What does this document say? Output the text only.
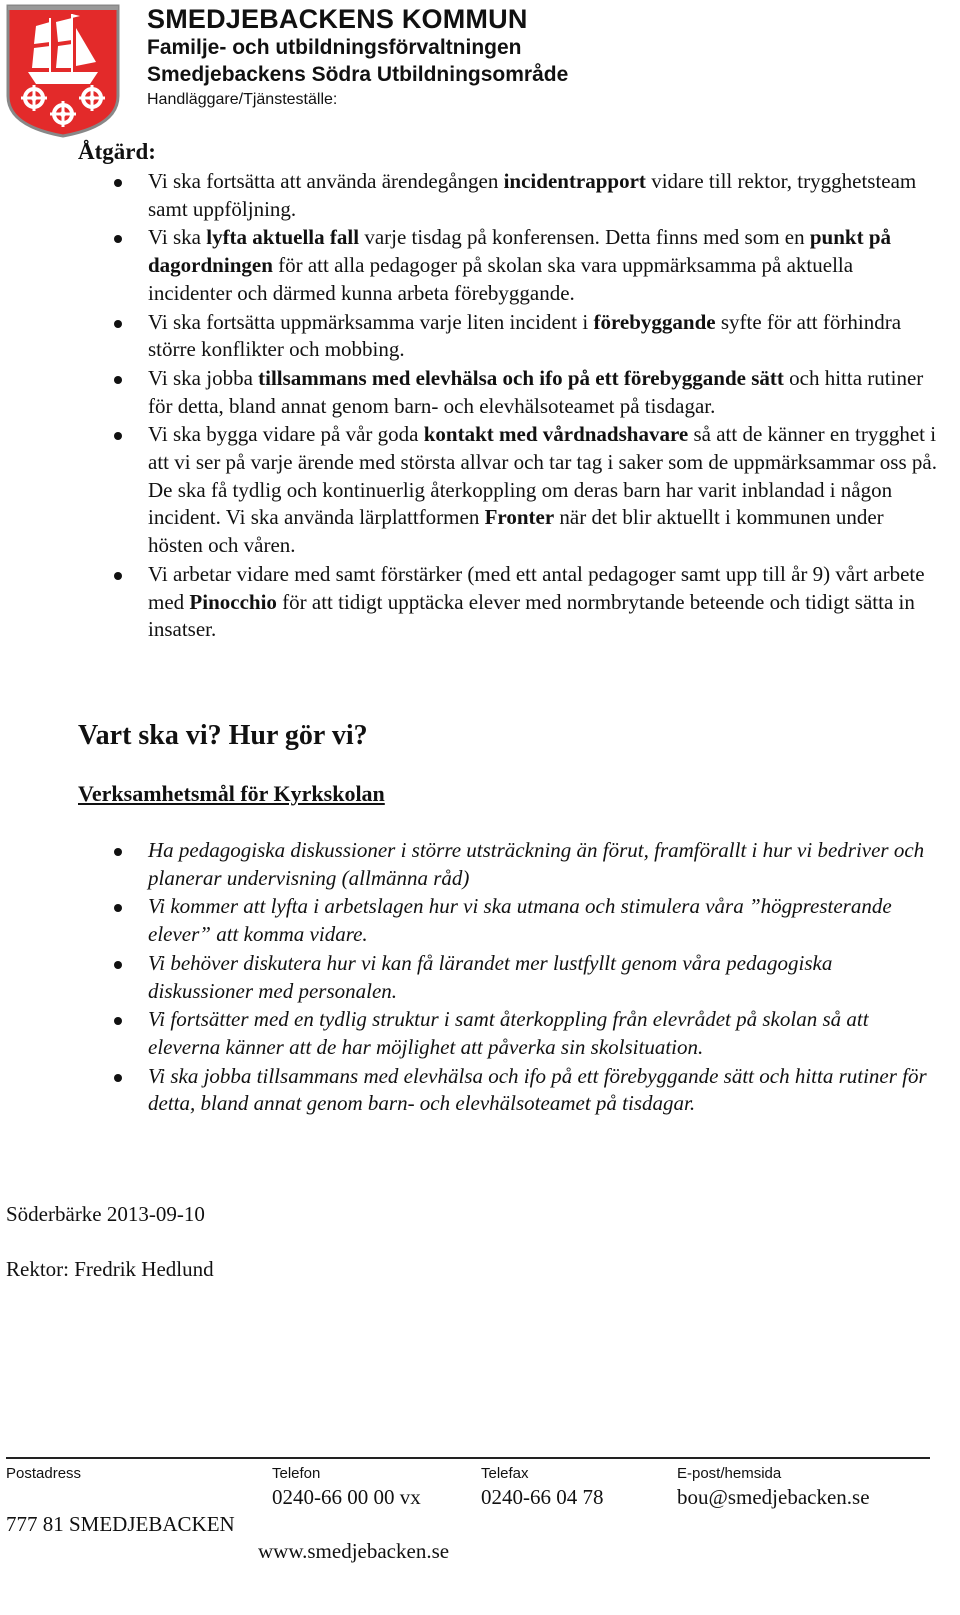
SMEDJEBACKENS KOMMUN
Familje- och utbildningsförvaltningen
Smedjebackens Södra Utbildningsområde
Handläggare/Tjänsteställe:
Åtgärd:
Vi ska fortsätta att använda ärendegången incidentrapport vidare till rektor, trygghetsteam samt uppföljning.
Vi ska lyfta aktuella fall varje tisdag på konferensen. Detta finns med som en punkt på dagordningen för att alla pedagoger på skolan ska vara uppmärksamma på aktuella incidenter och därmed kunna arbeta förebyggande.
Vi ska fortsätta uppmärksamma varje liten incident i förebyggande syfte för att förhindra större konflikter och mobbing.
Vi ska jobba tillsammans med elevhälsa och ifo på ett förebyggande sätt och hitta rutiner för detta, bland annat genom barn- och elevhälsoteamet på tisdagar.
Vi ska bygga vidare på vår goda kontakt med vårdnadshavare så att de känner en trygghet i att vi ser på varje ärende med största allvar och tar tag i saker som de uppmärksammar oss på. De ska få tydlig och kontinuerlig återkoppling om deras barn har varit inblandad i någon incident. Vi ska använda lärplattformen Fronter när det blir aktuellt i kommunen under hösten och våren.
Vi arbetar vidare med samt förstärker (med ett antal pedagoger samt upp till år 9) vårt arbete med Pinocchio för att tidigt upptäcka elever med normbrytande beteende och tidigt sätta in insatser.
Vart ska vi? Hur gör vi?
Verksamhetsmål för Kyrkskolan
Ha pedagogiska diskussioner i större utsträckning än förut, framförallt i hur vi bedriver och planerar undervisning (allmänna råd)
Vi kommer att lyfta i arbetslagen hur vi ska utmana och stimulera våra ”högpresterande elever” att komma vidare.
Vi behöver diskutera hur vi kan få lärandet mer lustfyllt genom våra pedagogiska diskussioner med personalen.
Vi fortsätter med en tydlig struktur i samt återkoppling från elevrådet på skolan så att eleverna känner att de har möjlighet att påverka sin skolsituation.
Vi ska jobba tillsammans med elevhälsa och ifo på ett förebyggande sätt och hitta rutiner för detta, bland annat genom barn- och elevhälsoteamet på tisdagar.
Söderbärke 2013-09-10
Rektor: Fredrik Hedlund
Postadress
777 81 SMEDJEBACKEN
Telefon
0240-66 00 00 vx
www.smedjebacken.se
Telefax
0240-66 04 78
E-post/hemsida
bou@smedjebacken.se
